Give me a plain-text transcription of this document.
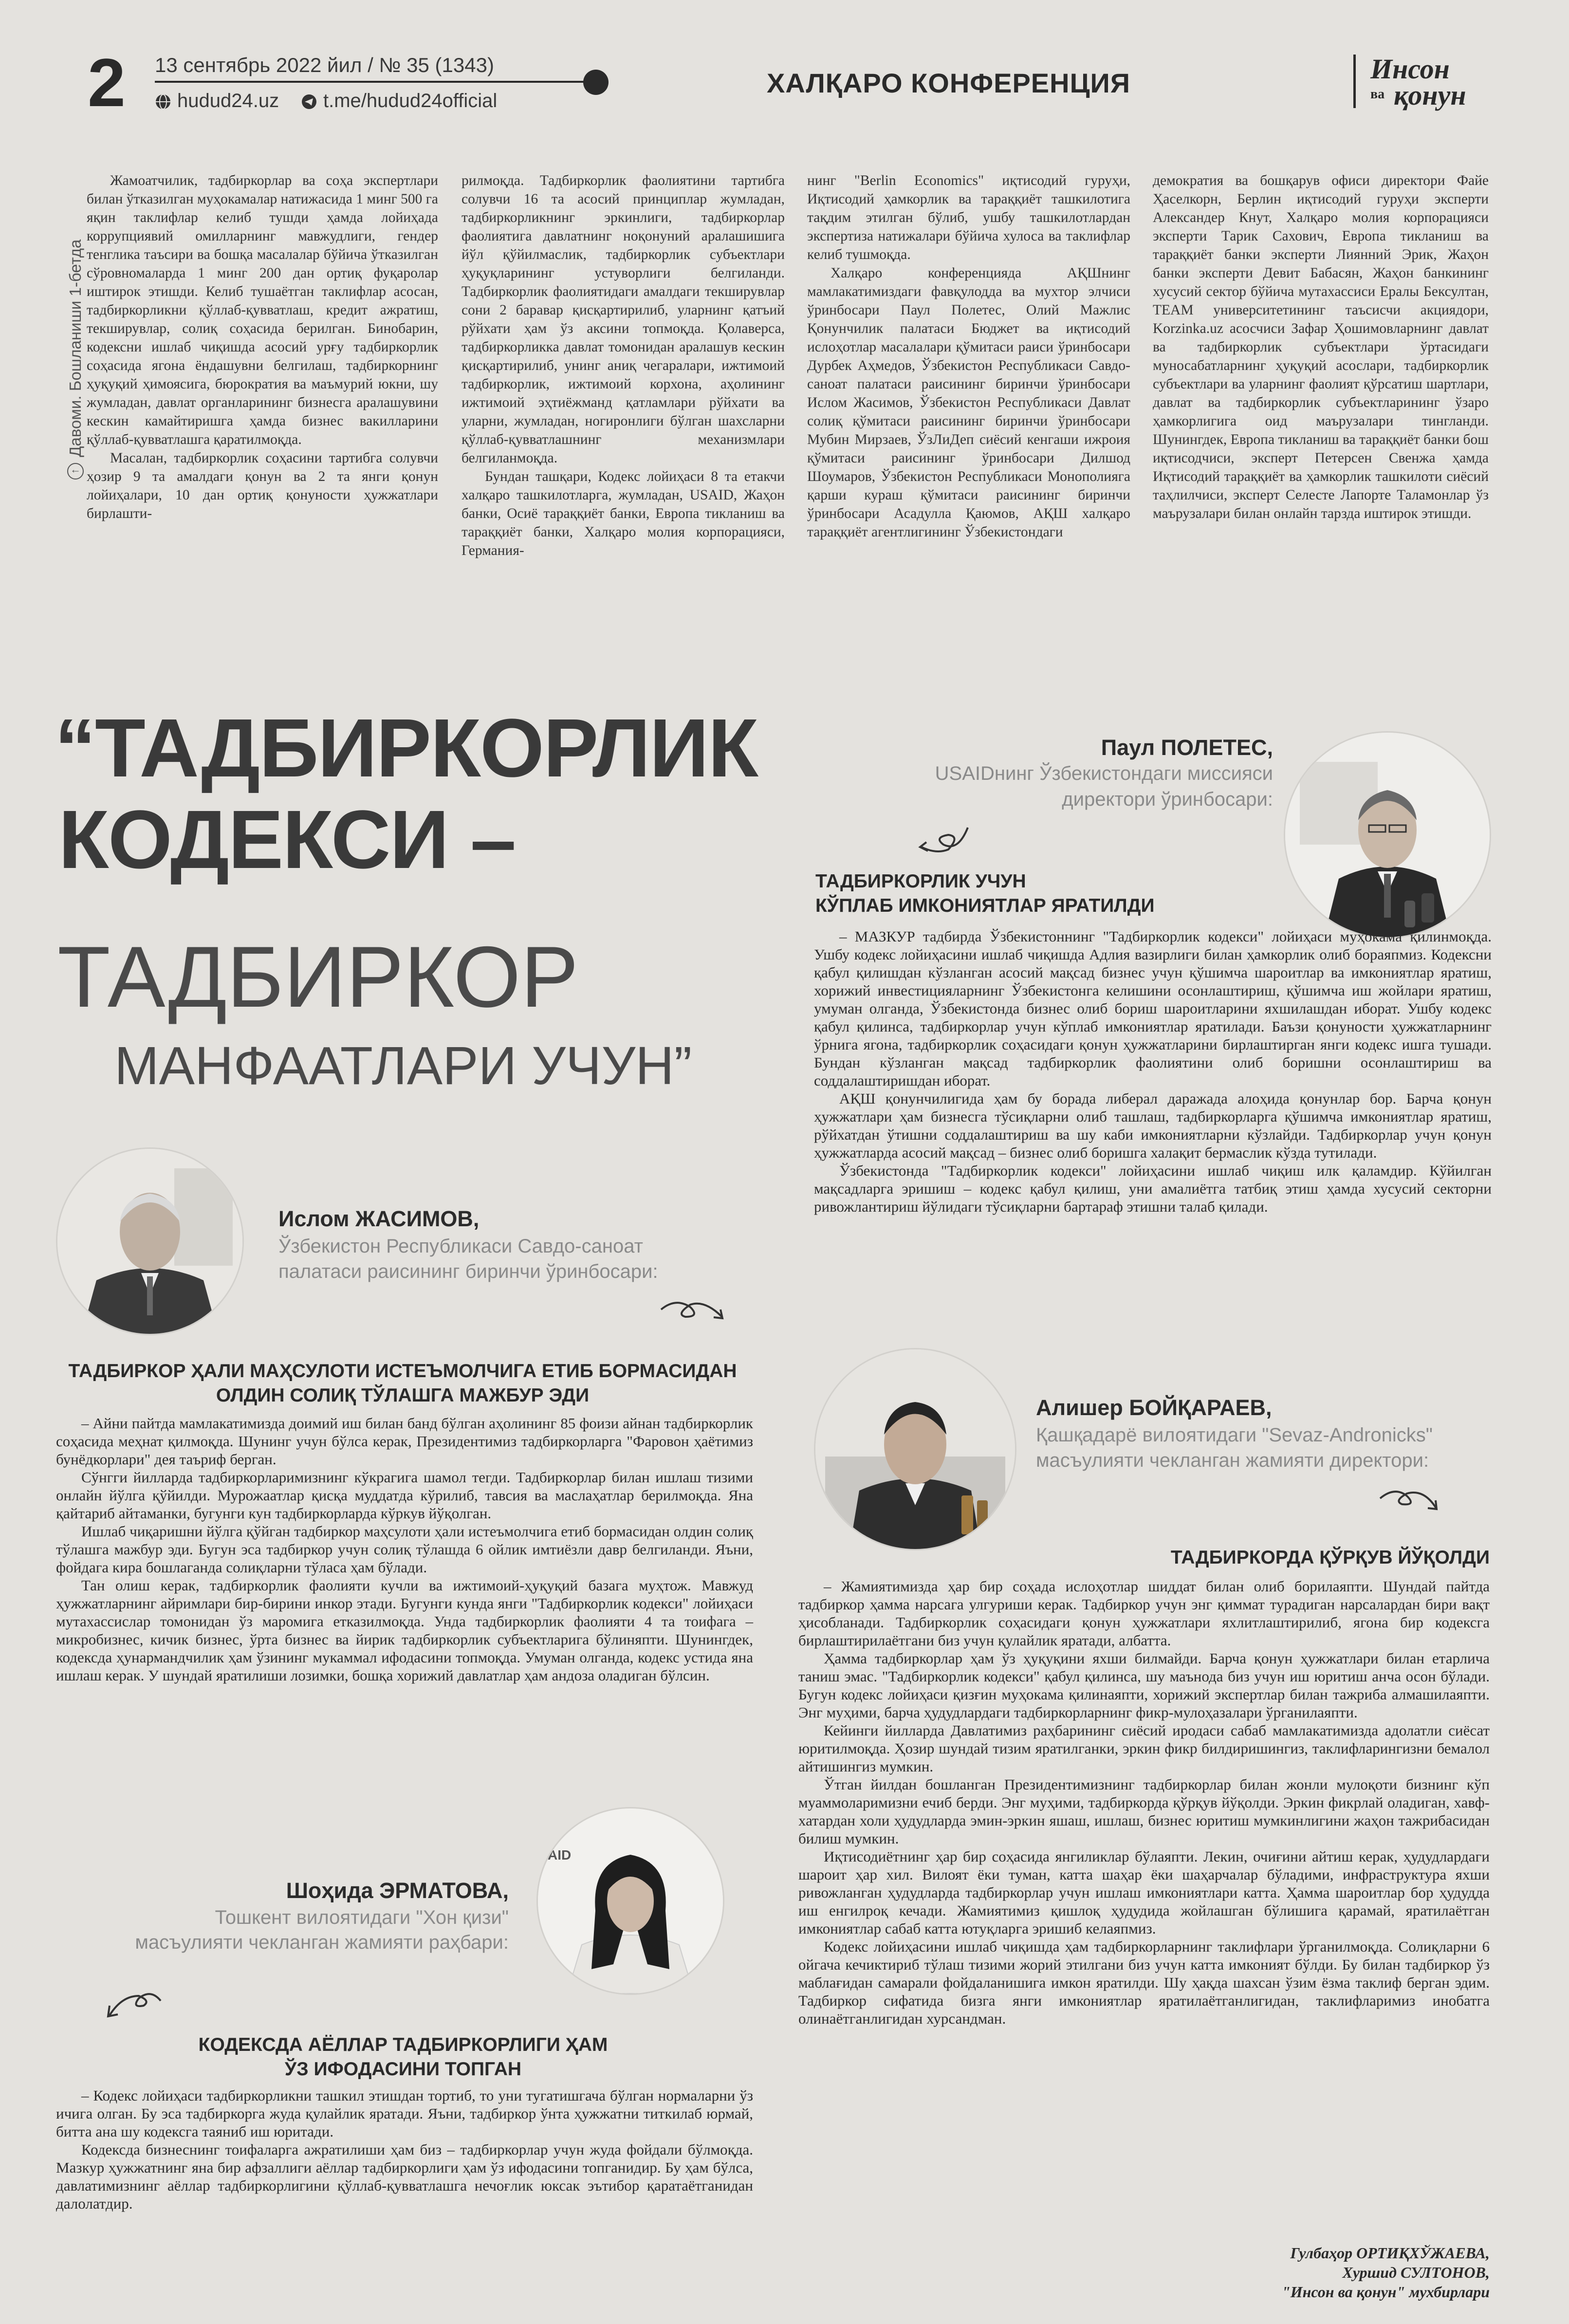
2 13 сентябрь 2022 йил / № 35 (1343)
hudud24.uz t.me/hudud24official
ХАЛҚАРО КОНФЕРЕНЦИЯ	Инсон
ва қонун
↑
Давоми. Бошланиши 1-бетда

Жамоатчилик, тадбиркорлар ва соҳа экспертлари билан ўтказилган муҳокамалар натижасида 1 минг 500 га яқин таклифлар келиб тушди ҳамда лойиҳада коррупциявий омилларнинг мавжудлиги, гендер тенглика таъсири ва бошқа масалалар бўйича ўтказилган сўровномаларда 1 минг 200 дан ортиқ фуқаролар иштирок этишди. Келиб тушаётган таклифлар асосан, тадбиркорликни қўллаб-қувватлаш, кредит ажратиш, текширувлар, солиқ соҳасида берилган. Бинобарин, кодексни ишлаб чиқишда асосий урғу тадбиркорлик соҳасида ягона ёндашувни белгилаш, тадбиркорнинг ҳуқуқий ҳимоясига, бюрократия ва маъмурий юкни, шу жумладан, давлат органларининг бизнесга аралашувини кескин камайтиришга ҳамда бизнес вакилларини қўллаб-қувватлашга қаратилмоқда.

Масалан, тадбиркорлик соҳасини тартибга солувчи ҳозир 9 та амалдаги қонун ва 2 та янги қонун лойиҳалари, 10 дан ортиқ қонуности ҳужжатлари бирлашти-

рилмоқда. Тадбиркорлик фаолиятини тартибга солувчи 16 та асосий принциплар жумладан, тадбиркорликнинг эркинлиги, тадбиркорлар фаолиятига давлатнинг ноқонуний аралашишига йўл қўйилмаслик, тадбиркорлик субъектлари ҳуқуқларининг устуворлиги белгиланди. Тадбиркорлик фаолиятидаги амалдаги текширувлар сони 2 баравар қисқартирилиб, уларнинг қатъий рўйхати ҳам ўз аксини топмоқда. Қолаверса, тадбиркорликка давлат томонидан аралашув кескин қисқартирилиб, унинг аниқ чегаралари, ижтимоий тадбиркорлик, ижтимоий корхона, аҳолининг ижтимоий эҳтиёжманд қатламлари рўйхати ва уларни, жумладан, ногиронлиги бўлган шахсларни қўллаб-қувватлашнинг механизмлари белгиланмоқда.

Бундан ташқари, Кодекс лойиҳаси 8 та етакчи халқаро ташкилотларга, жумладан, USAID, Жаҳон банки, Осиё тараққиёт банки, Европа тикланиш ва тараққиёт банки, Халқаро молия корпорацияси, Германия-

нинг "Berlin Economics" иқтисодий гуруҳи, Иқтисодий ҳамкорлик ва тараққиёт ташкилотига тақдим этилган бўлиб, ушбу ташкилотлардан экспертиза натижалари бўйича хулоса ва таклифлар келиб тушмоқда.

Халқаро конференцияда АҚШнинг мамлакатимиздаги фавқулодда ва мухтор элчиси ўринбосари Паул Полетес, Олий Мажлис Қонунчилик палатаси Бюджет ва иқтисодий ислоҳотлар масалалари қўмитаси раиси ўринбосари Дурбек Аҳмедов, Ўзбекистон Республикаси Савдо-саноат палатаси раисининг биринчи ўринбосари Ислом Жасимов, Ўзбекистон Республикаси Давлат солиқ қўмитаси раисининг биринчи ўринбосари Мубин Мирзаев, ЎзЛиДеп сиёсий кенгаши ижроия қўмитаси раисининг ўринбосари Дилшод Шоумаров, Ўзбекистон Республикаси Монополияга қарши кураш қўмитаси раисининг биринчи ўринбосари Асадулла Қаюмов, АҚШ халқаро тараққиёт агентлигининг Ўзбекистондаги

демократия ва бошқарув офиси директори Файе Ҳаселкорн, Берлин иқтисодий гуруҳи эксперти Александер Кнут, Халқаро молия корпорацияси эксперти Тарик Сахович, Европа тикланиш ва тараққиёт банки эксперти Лиянний Эрик, Жаҳон банки эксперти Девит Бабасян, Жаҳон банкининг хусусий сектор бўйича мутахассиси Ералы Бексултан, TEAM университетининг таъсисчи акциядори, Korzinka.uz асосчиси Зафар Ҳошимовларнинг давлат ва тадбиркорлик субъектлари ўртасидаги муносабатларнинг ҳуқуқий асослари, тадбиркорлик субъектлари ва уларнинг фаолият қўрсатиш шартлари, давлат ва тадбиркорлик субъектларининг ўзаро ҳамкорлигига оид маърузалари тингланди. Шунингдек, Европа тикланиш ва тараққиёт банки бош иқтисодчиси, эксперт Петерсен Свенжа ҳамда Иқтисодий тараққиёт ва ҳамкорлик ташкилоти сиёсий таҳлилчиси, эксперт Селесте Лапорте Таламонлар ўз маърузалари билан онлайн тарзда иштирок этишди.

“ТАДБИРКОРЛИК
КОДЕКСИ –
ТАДБИРКОР
МАНФААТЛАРИ УЧУН”
Паул ПОЛЕТЕС,
USAIDнинг Ўзбекистондаги миссияси
директори ўринбосари:
ТАДБИРКОРЛИК УЧУН
КЎПЛАБ ИМКОНИЯТЛАР ЯРАТИЛДИ

– МАЗКУР тадбирда Ўзбекистоннинг "Тадбиркорлик кодекси" лойиҳаси муҳокама қилинмоқда. Ушбу кодекс лойиҳасини ишлаб чиқишда Адлия вазирлиги билан ҳамкорлик олиб бораяпмиз. Кодексни қабул қилишдан кўзланган асосий мақсад бизнес учун қўшимча шароитлар ва имкониятлар яратиш, хорижий инвестицияларнинг Ўзбекистонга келишини осонлаштириш, қўшимча иш жойлари яратиш, умуман олганда, Ўзбекистонда бизнес олиб бориш шароитларини яхшилашдан иборат. Ушбу кодекс қабул қилинса, тадбиркорлар учун кўплаб имкониятлар яратилади. Баъзи қонуности ҳужжатларнинг ўрнига ягона, тадбиркорлик соҳасидаги қонун ҳужжатларини бирлаштирган янги кодекс ишга тушади. Бундан кўзланган мақсад тадбиркорлик фаолиятини олиб боришни осонлаштириш ва соддалаштиришдан иборат.

АҚШ қонунчилигида ҳам бу борада либерал даражада алоҳида қонунлар бор. Барча қонун ҳужжатлари ҳам бизнесга тўсиқларни олиб ташлаш, тадбиркорларга қўшимча имкониятлар яратиш, рўйхатдан ўтишни соддалаштириш ва шу каби имкониятларни кўзлайди. Тадбиркорлар учун қонун ҳужжатларда асосий мақсад – бизнес олиб боришга халақит бермаслик кўзда тутилади.

Ўзбекистонда "Тадбиркорлик кодекси" лойиҳасини ишлаб чиқиш илк қаламдир. Кўйилган мақсадларга эришиш – кодекс қабул қилиш, уни амалиётга татбиқ этиш ҳамда хусусий секторни ривожлантириш йўлидаги тўсиқларни бартараф этишни талаб қилади.

Ислом ЖАСИМОВ,
Ўзбекистон Республикаси Савдо-саноат
палатаси раисининг биринчи ўринбосари:
ТАДБИРКОР ҲАЛИ МАҲСУЛОТИ ИСТЕЪМОЛЧИГА ЕТИБ БОРМАСИДАН
ОЛДИН СОЛИҚ ТЎЛАШГА МАЖБУР ЭДИ

– Айни пайтда мамлакатимизда доимий иш билан банд бўлган аҳолининг 85 фоизи айнан тадбиркорлик соҳасида меҳнат қилмоқда. Шунинг учун бўлса керак, Президентимиз тадбиркорларга "Фаровон ҳаётимиз бунёдкорлари" дея таъриф берган.

Сўнгги йилларда тадбиркорларимизнинг кўкрагига шамол тегди. Тадбиркорлар билан ишлаш тизими онлайн йўлга қўйилди. Мурожаатлар қисқа муддатда кўрилиб, тавсия ва маслаҳатлар берилмоқда. Яна қайтариб айтаманки, бугунги кун тадбиркорлардa кўркув йўқолган.

Ишлаб чиқаришни йўлга қўйган тадбиркор маҳсулоти ҳали истеъмолчига етиб бормасидан олдин солиқ тўлашга мажбур эди. Бугун эса тадбиркор учун солиқ тўлашда 6 ойлик имтиёзли давр белгиланди. Яъни, фойдага кира бошлаганда солиқларни тўласа ҳам бўлади.

Тан олиш керак, тадбиркорлик фаолияти кучли ва ижтимоий-ҳуқуқий базага муҳтож. Мавжуд ҳужжатларнинг айримлари бир-бирини инкор этади. Бугунги кунда янги "Тадбиркорлик кодекси" лойиҳаси мутахассислар томонидан ўз маромига етказилмоқда. Унда тадбиркорлик фаолияти 4 та тоифага – микробизнес, кичик бизнес, ўрта бизнес ва йирик тадбиркорлик субъектларига бўлиняпти. Шунингдек, кодексда ҳунармандчилик ҳам ўзининг мукаммал ифодасини топмоқда. Умуман олганда, кодекс устида яна ишлаш керак. У шундай яратилиши лозимки, бошқа хорижий давлатлар ҳам андоза оладиган бўлсин.

AID
Шоҳида ЭРМАТОВА,
Тошкент вилоятидаги "Хон қизи"
масъулияти чекланган жамияти раҳбари:
КОДЕКСДА АЁЛЛАР ТАДБИРКОРЛИГИ ҲАМ
ЎЗ ИФОДАСИНИ ТОПГАН

– Кодекс лойиҳаси тадбиркорликни ташкил этишдан тортиб, то уни тугатишгача бўлган нормаларни ўз ичига олган. Бу эса тадбиркорга жуда қулайлик яратади. Яъни, тадбиркор ўнта ҳужжатни титкилаб юрмай, битта ана шу кодексга таяниб иш юритади.

Кодексда бизнеснинг тоифаларга ажратилиши ҳам биз – тадбиркорлар учун жуда фойдали бўлмоқда. Мазкур ҳужжатнинг яна бир афзаллиги аёллар тадбиркорлиги ҳам ўз ифодасини топганидир. Бу ҳам бўлса, давлатимизнинг аёллар тадбиркорлигини қўллаб-қувватлашга нечоғлик юксак эътибор қаратаётганидан далолатдир.

Алишер БОЙҚАРАЕВ,
Қашқадарё вилоятидаги "Sevaz-Andronicks"
масъулияти чекланган жамияти директори:
ТАДБИРКОРДА ҚЎРҚУВ ЙЎҚОЛДИ

– Жамиятимизда ҳар бир соҳада ислоҳотлар шиддат билан олиб борилаяпти. Шундай пайтда тадбиркор ҳамма нарсага улгуриши керак. Тадбиркор учун энг қиммат турадиган нарсалардан бири вақт ҳисобланади. Тадбиркорлик соҳасидаги қонун ҳужжатлари яхлитлаштирилиб, ягона бир кодексга бирлаштирилаётгани биз учун қулайлик яратади, албатта.

Ҳамма тадбиркорлар ҳам ўз ҳуқуқини яхши билмайди. Барча қонун ҳужжатлари билан етарлича таниш эмас. "Тадбиркорлик кодекси" қабул қилинса, шу маънода биз учун иш юритиш анча осон бўлади. Бугун кодекс лойиҳаси қизғин муҳокама қилинаяпти, хорижий экспертлар билан тажриба алмашилаяпти. Энг муҳими, барча ҳудудлардаги тадбиркорларнинг фикр-мулоҳазалари ўрганилаяпти.

Кейинги йилларда Давлатимиз раҳбарининг сиёсий иродаси сабаб мамлакатимизда адолатли сиёсат юритилмоқда. Ҳозир шундай тизим яратилганки, эркин фикр билдиришингиз, таклифларингизни бемалол айтишингиз мумкин.

Ўтган йилдан бошланган Президентимизнинг тадбиркорлар билан жонли мулоқоти бизнинг кўп муаммоларимизни ечиб берди. Энг муҳими, тадбиркорда қўрқув йўқолди. Эркин фикрлай оладиган, хавф-хатардан холи ҳудудларда эмин-эркин яшаш, ишлаш, бизнес юритиш мумкинлигини жаҳон тажрибасидан билиш мумкин.

Иқтисодиётнинг ҳар бир соҳасида янгиликлар бўлаяпти. Лекин, очиғини айтиш керак, ҳудудлардаги шароит ҳар хил. Вилоят ёки туман, катта шаҳар ёки шаҳарчалар бўладими, инфраструктура яхши ривожланган ҳудудларда тадбиркорлар учун ишлаш имкониятлари катта. Ҳамма шароитлар бор ҳудудда иш енгилроқ кечади. Жамиятимиз қишлоқ ҳудудида жойлашган бўлишига қарамай, яратилаётган имкониятлар сабаб катта ютуқларга эришиб келаяпмиз.

Кодекс лойиҳасини ишлаб чиқишда ҳам тадбиркорларнинг таклифлари ўрганилмоқда. Солиқларни 6 ойгача кечиктириб тўлаш тизими жорий этилгани биз учун катта имконият бўлди. Бу билан тадбиркор ўз маблағидан самарали фойдаланишига имкон яратилди. Шу ҳақда шахсан ўзим ёзма таклиф берган эдим. Тадбиркор сифатида бизга янги имкониятлар яратилаётганлигидан, таклифларимиз инобатга олинаётганлигидан хурсандман.

Гулбаҳор ОРТИҚХЎЖАЕВА,
Хуршид СУЛТОНОВ,
"Инсон ва қонун" мухбирлари
